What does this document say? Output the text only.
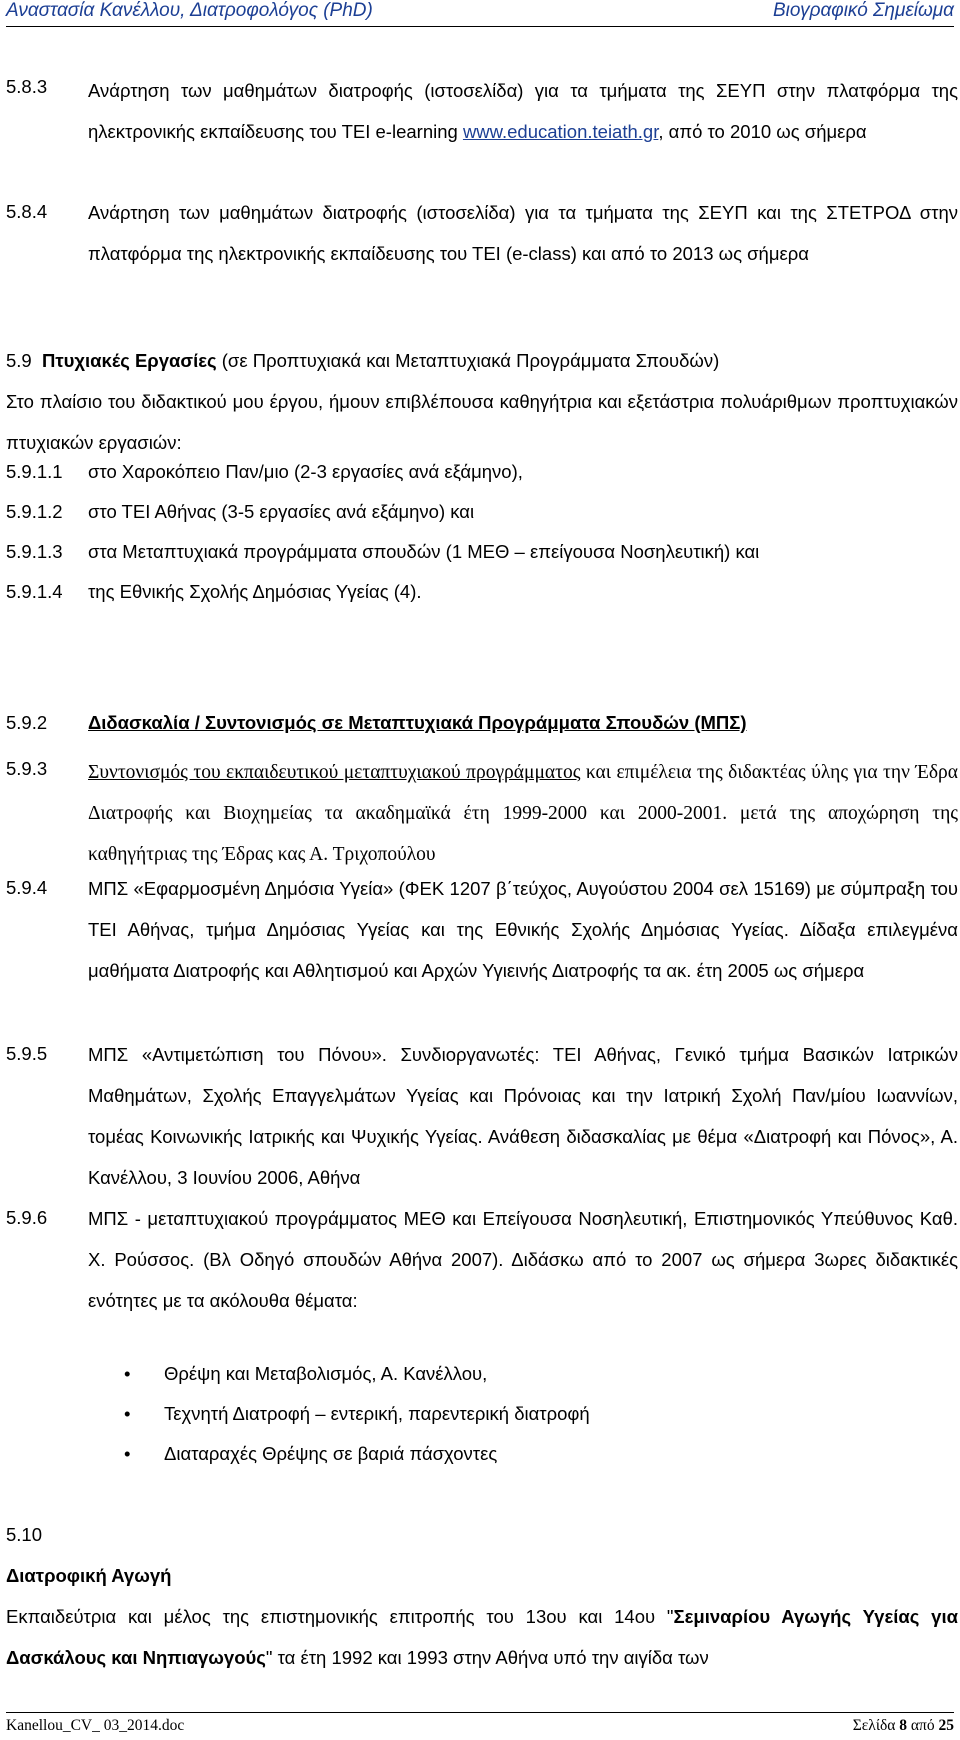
Αναστασία Κανέλλου, Διατροφολόγος (PhD)	Βιογραφικό Σημείωμα
5.8.3 Ανάρτηση των μαθημάτων διατροφής (ιστοσελίδα) για τα τμήματα της ΣΕΥΠ στην πλατφόρμα της ηλεκτρονικής εκπαίδευσης του ΤΕΙ e-learning www.education.teiath.gr, από το 2010 ως σήμερα
5.8.4 Ανάρτηση των μαθημάτων διατροφής (ιστοσελίδα) για τα τμήματα της ΣΕΥΠ και της ΣΤΕΤΡΟΔ στην πλατφόρμα της ηλεκτρονικής εκπαίδευσης του ΤΕΙ (e-class) και από το 2013 ως σήμερα
5.9 Πτυχιακές Εργασίες (σε Προπτυχιακά και Μεταπτυχιακά Προγράμματα Σπουδών)
Στο πλαίσιο του διδακτικού μου έργου, ήμουν επιβλέπουσα καθηγήτρια και εξετάστρια πολυάριθμων προπτυχιακών πτυχιακών εργασιών:
5.9.1.1 στο Χαροκόπειο Παν/μιο (2-3 εργασίες ανά εξάμηνο),
5.9.1.2 στο ΤΕΙ Αθήνας (3-5 εργασίες ανά εξάμηνο) και
5.9.1.3 στα Μεταπτυχιακά προγράμματα σπουδών (1 ΜΕΘ – επείγουσα Νοσηλευτική) και
5.9.1.4 της Εθνικής Σχολής Δημόσιας Υγείας (4).
5.9.2 Διδασκαλία / Συντονισμός σε Μεταπτυχιακά Προγράμματα Σπουδών (ΜΠΣ)
5.9.3 Συντονισμός του εκπαιδευτικού μεταπτυχιακού προγράμματος και επιμέλεια της διδακτέας ύλης για την Έδρα Διατροφής και Βιοχημείας τα ακαδημαϊκά έτη 1999-2000 και 2000-2001. μετά της αποχώρηση της καθηγήτριας της Έδρας κας Α. Τριχοπούλου
5.9.4 ΜΠΣ «Εφαρμοσμένη Δημόσια Υγεία» (ΦΕΚ 1207 β΄τεύχος, Αυγούστου 2004 σελ 15169) με σύμπραξη του ΤΕΙ Αθήνας, τμήμα Δημόσιας Υγείας και της Εθνικής Σχολής Δημόσιας Υγείας. Δίδαξα επιλεγμένα μαθήματα Διατροφής και Αθλητισμού και Αρχών Υγιεινής Διατροφής τα ακ. έτη 2005 ως σήμερα
5.9.5 ΜΠΣ «Αντιμετώπιση του Πόνου». Συνδιοργανωτές: ΤΕΙ Αθήνας, Γενικό τμήμα Βασικών Ιατρικών Μαθημάτων, Σχολής Επαγγελμάτων Υγείας και Πρόνοιας και την Ιατρική Σχολή Παν/μίου Ιωαννίων, τομέας Κοινωνικής Ιατρικής και Ψυχικής Υγείας. Ανάθεση διδασκαλίας με θέμα «Διατροφή και Πόνος», Α. Κανέλλου, 3 Ιουνίου 2006, Αθήνα
5.9.6 ΜΠΣ - μεταπτυχιακού προγράμματος ΜΕΘ και Επείγουσα Νοσηλευτική, Επιστημονικός Υπεύθυνος Καθ. Χ. Ρούσσος. (Βλ Οδηγό σπουδών Αθήνα 2007). Διδάσκω από το 2007 ως σήμερα 3ωρες διδακτικές ενότητες με τα ακόλουθα θέματα:
• Θρέψη και Μεταβολισμός, Α. Κανέλλου,
• Τεχνητή Διατροφή – εντερική, παρεντερική διατροφή
• Διαταραχές Θρέψης σε βαριά πάσχοντες
5.10
Διατροφική Αγωγή
Εκπαιδεύτρια και μέλος της επιστημονικής επιτροπής του 13ου και 14ου "Σεμιναρίου Αγωγής Υγείας για Δασκάλους και Νηπιαγωγούς" τα έτη 1992 και 1993 στην Αθήνα υπό την αιγίδα των
Kanellou_CV_ 03_2014.doc	Σελίδα 8 από 25
